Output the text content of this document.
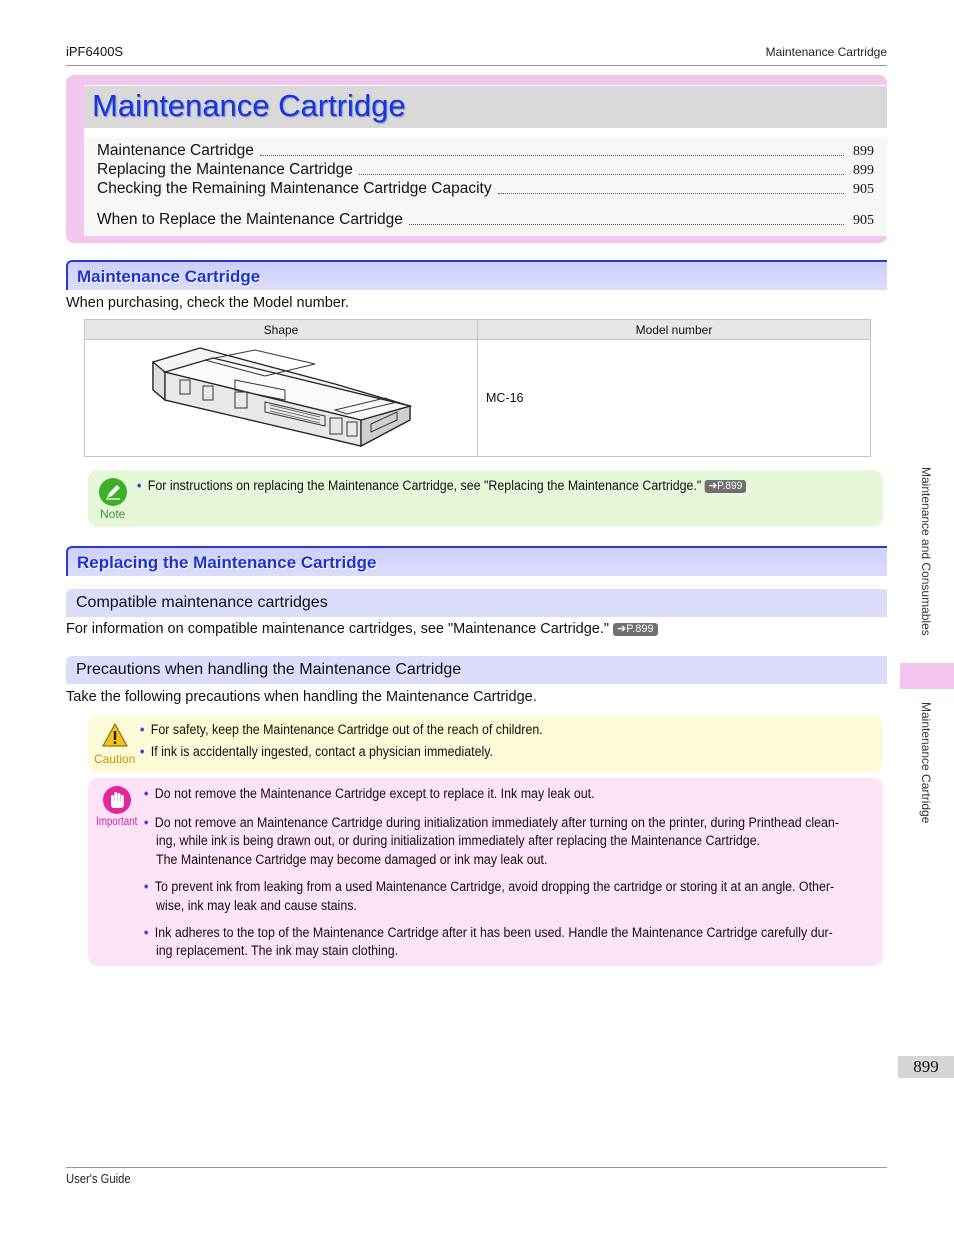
iPF6400S	Maintenance Cartridge
Maintenance Cartridge
Maintenance Cartridge	899
Replacing the Maintenance Cartridge	899
Checking the Remaining Maintenance Cartridge Capacity	905
When to Replace the Maintenance Cartridge	905
Maintenance Cartridge
When purchasing, check the Model number.
Shape	Model number

	MC-16
Note
• For instructions on replacing the Maintenance Cartridge, see "Replacing the Maintenance Cartridge." ➔P.899
Replacing the Maintenance Cartridge
Compatible maintenance cartridges
For information on compatible maintenance cartridges, see "Maintenance Cartridge." ➔P.899
Precautions when handling the Maintenance Cartridge
Take the following precautions when handling the Maintenance Cartridge.
Caution
• For safety, keep the Maintenance Cartridge out of the reach of children.
• If ink is accidentally ingested, contact a physician immediately.
Important
• Do not remove the Maintenance Cartridge except to replace it. Ink may leak out.
• Do not remove an Maintenance Cartridge during initialization immediately after turning on the printer, during Printhead clean-
ing, while ink is being drawn out, or during initialization immediately after replacing the Maintenance Cartridge.
The Maintenance Cartridge may become damaged or ink may leak out.
• To prevent ink from leaking from a used Maintenance Cartridge, avoid dropping the cartridge or storing it at an angle. Other-
wise, ink may leak and cause stains.
• Ink adheres to the top of the Maintenance Cartridge after it has been used. Handle the Maintenance Cartridge carefully dur-
ing replacement. The ink may stain clothing.
Maintenance and Consumables
Maintenance Cartridge
899
User's Guide
